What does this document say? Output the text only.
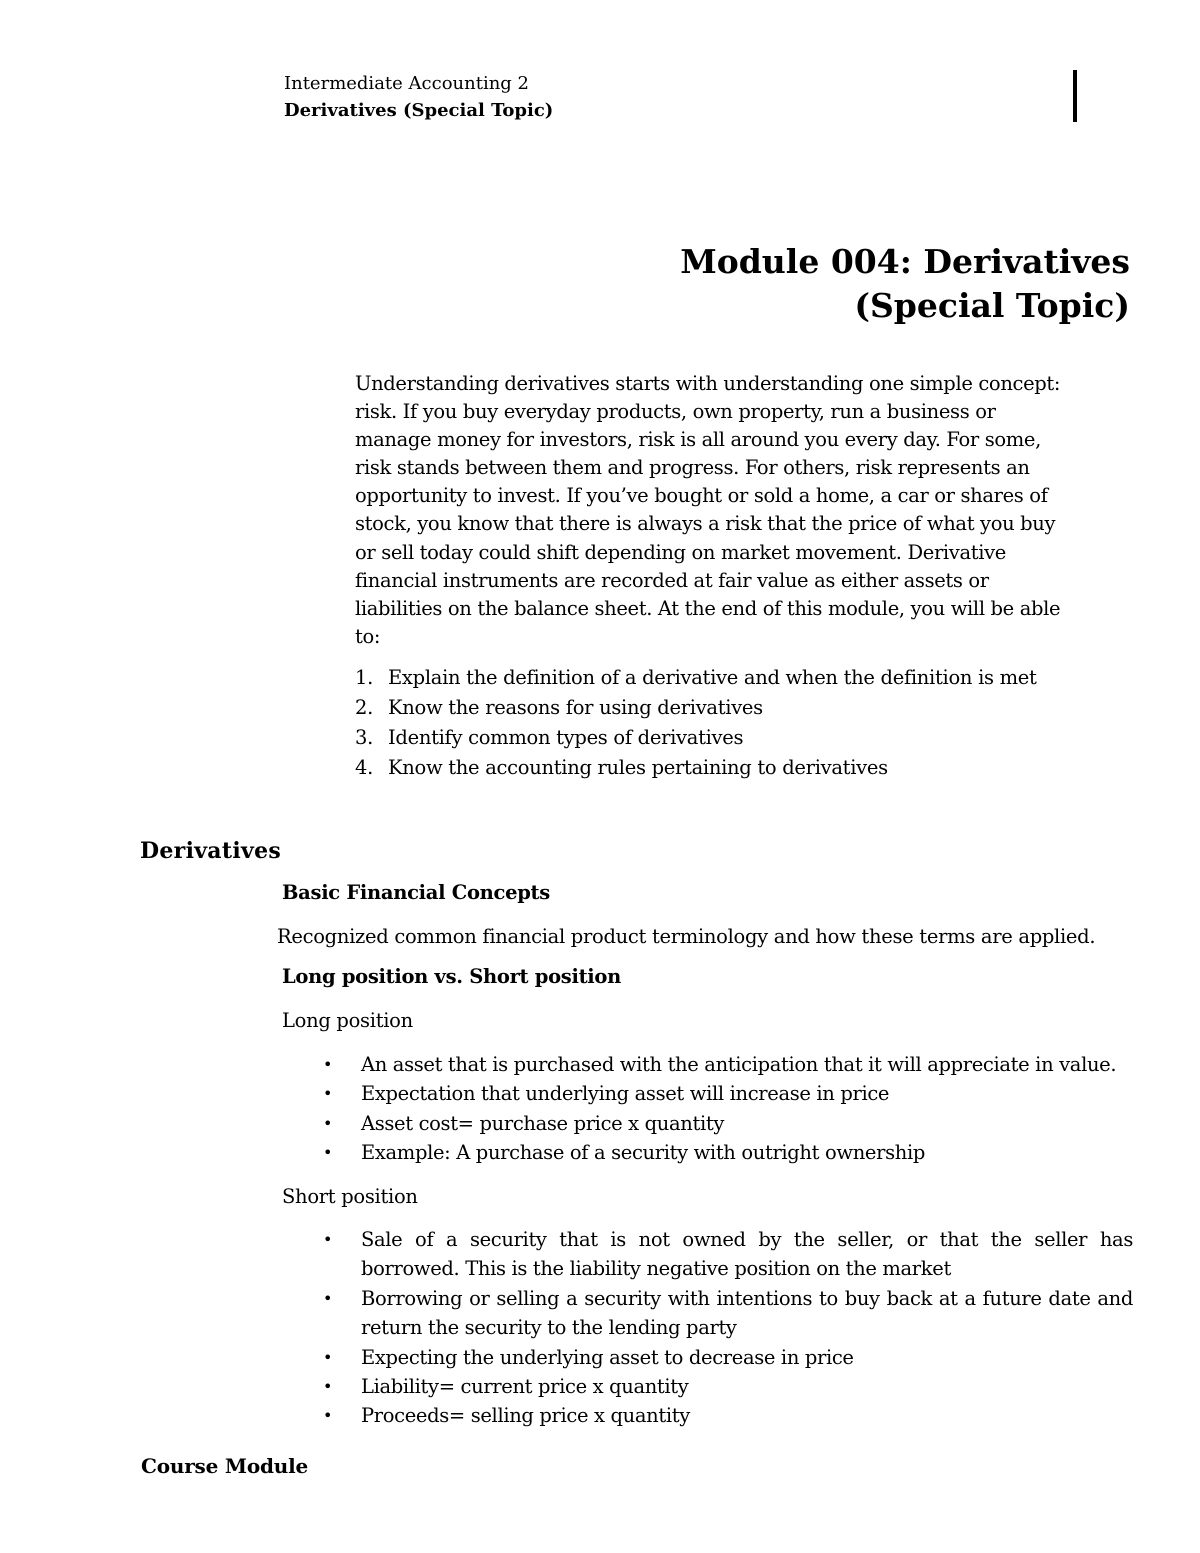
Intermediate Accounting 2

Derivatives (Special Topic)

Module 004: Derivatives
(Special Topic)
Understanding derivatives starts with understanding one simple concept:
risk. If you buy everyday products, own property, run a business or
manage money for investors, risk is all around you every day. For some,
risk stands between them and progress. For others, risk represents an
opportunity to invest. If you’ve bought or sold a home, a car or shares of
stock, you know that there is always a risk that the price of what you buy
or sell today could shift depending on market movement. Derivative
financial instruments are recorded at fair value as either assets or
liabilities on the balance sheet. At the end of this module, you will be able
to:
1. Explain the definition of a derivative and when the definition is met
2. Know the reasons for using derivatives
3. Identify common types of derivatives
4. Know the accounting rules pertaining to derivatives
Derivatives
Basic Financial Concepts

Recognized common financial product terminology and how these terms are applied.

Long position vs. Short position

Long position

•	An asset that is purchased with the anticipation that it will appreciate in value.
•	Expectation that underlying asset will increase in price
•	Asset cost= purchase price x quantity
•	Example: A purchase of a security with outright ownership

Short position

•	Sale of a security that is not owned by the seller, or that the seller has borrowed. This is the liability negative position on the market
•	Borrowing or selling a security with intentions to buy back at a future date and return the security to the lending party
•	Expecting the underlying asset to decrease in price
•	Liability= current price x quantity
•	Proceeds= selling price x quantity

Course Module
